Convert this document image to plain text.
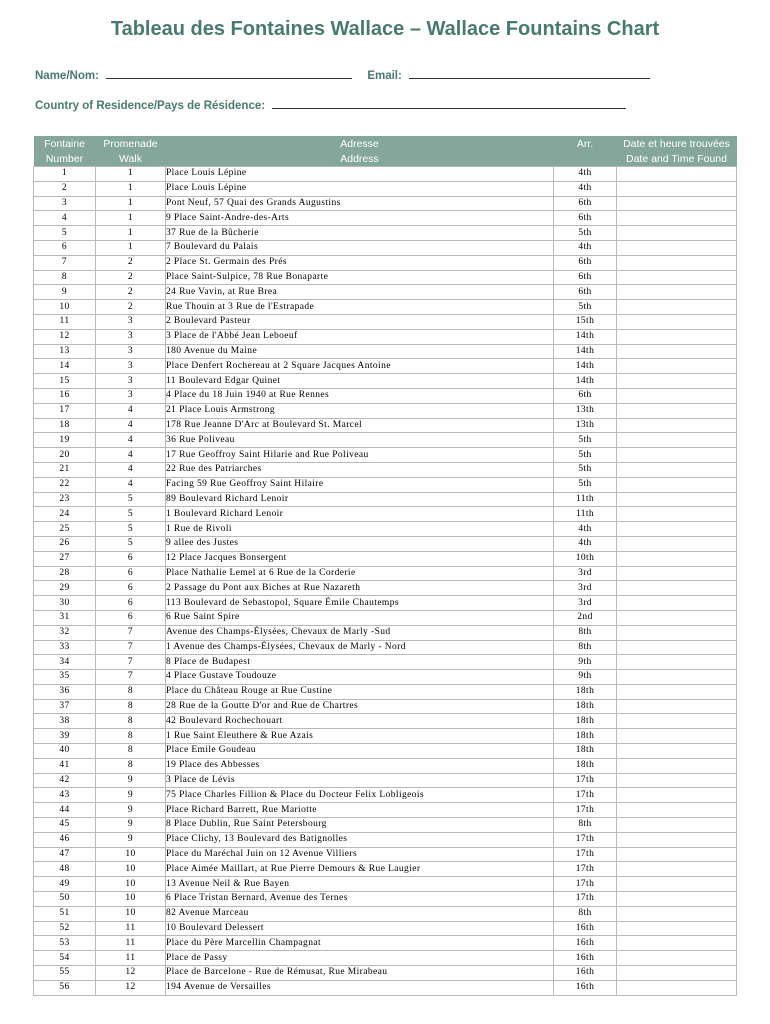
Tableau des Fontaines Wallace – Wallace Fountains Chart
Name/Nom:	Email:
Country of Residence/Pays de Résidence:
Fontaine	Promenade	Adresse	Arr.	Date et heure trouvées
Number	Walk	Address		Date and Time Found
1	1	Place Louis Lépine	4th	
2	1	Place Louis Lépine	4th	
3	1	Pont Neuf, 57 Quai des Grands Augustins	6th	
4	1	9 Place Saint-Andre-des-Arts	6th	
5	1	37 Rue de la Bûcherie	5th	
6	1	7 Boulevard du Palais	4th	
7	2	2 Place St. Germain des Prés	6th	
8	2	Place Saint-Sulpice, 78 Rue Bonaparte	6th	
9	2	24 Rue Vavin, at Rue Brea	6th	
10	2	Rue Thouin at 3 Rue de l'Estrapade	5th	
11	3	2 Boulevard Pasteur	15th	
12	3	3 Place de l'Abbé Jean Leboeuf	14th	
13	3	180 Avenue du Maine	14th	
14	3	Place Denfert Rochereau at 2 Square Jacques Antoine	14th	
15	3	11 Boulevard Edgar Quinet	14th	
16	3	4 Place du 18 Juin 1940 at Rue Rennes	6th	
17	4	21 Place Louis Armstrong	13th	
18	4	178 Rue Jeanne D'Arc at Boulevard St. Marcel	13th	
19	4	36 Rue Poliveau	5th	
20	4	17 Rue Geoffroy Saint Hilarie and Rue Poliveau	5th	
21	4	22 Rue des Patriarches	5th	
22	4	Facing 59 Rue Geoffroy Saint Hilaire	5th	
23	5	89 Boulevard Richard Lenoir	11th	
24	5	1 Boulevard Richard Lenoir	11th	
25	5	1 Rue de Rivoli	4th	
26	5	9 allee des Justes	4th	
27	6	12 Place Jacques Bonsergent	10th	
28	6	Place Nathalie Lemel at 6 Rue de la Corderie	3rd	
29	6	2 Passage du Pont aux Biches at Rue Nazareth	3rd	
30	6	113 Boulevard de Sebastopol, Square Émile Chautemps	3rd	
31	6	6 Rue Saint Spire	2nd	
32	7	Avenue des Champs-Élysées, Chevaux de Marly -Sud	8th	
33	7	1 Avenue des Champs-Élysées, Chevaux de Marly - Nord	8th	
34	7	8 Place de Budapest	9th	
35	7	4 Place Gustave Toudouze	9th	
36	8	Place du Château Rouge at Rue Custine	18th	
37	8	28 Rue de la Goutte D'or and Rue de Chartres	18th	
38	8	42 Boulevard Rochechouart	18th	
39	8	1 Rue Saint Eleuthere & Rue Azais	18th	
40	8	Place Emile Goudeau	18th	
41	8	19 Place des Abbesses	18th	
42	9	3 Place de Lévis	17th	
43	9	75 Place Charles Fillion & Place du Docteur Felix Lobligeois	17th	
44	9	Place Richard Barrett, Rue Mariotte	17th	
45	9	8 Place Dublin, Rue Saint Petersbourg	8th	
46	9	Place Clichy, 13 Boulevard des Batignolles	17th	
47	10	Place du Maréchal Juin on 12 Avenue Villiers	17th	
48	10	Place Aimée Maillart, at Rue Pierre Demours & Rue Laugier	17th	
49	10	13 Avenue Neil & Rue Bayen	17th	
50	10	6 Place Tristan Bernard, Avenue des Ternes	17th	
51	10	82 Avenue Marceau	8th	
52	11	10 Boulevard Delessert	16th	
53	11	Place du Père Marcellin Champagnat	16th	
54	11	Place de Passy	16th	
55	12	Place de Barcelone - Rue de Rémusat, Rue Mirabeau	16th	
56	12	194 Avenue de Versailles	16th	
